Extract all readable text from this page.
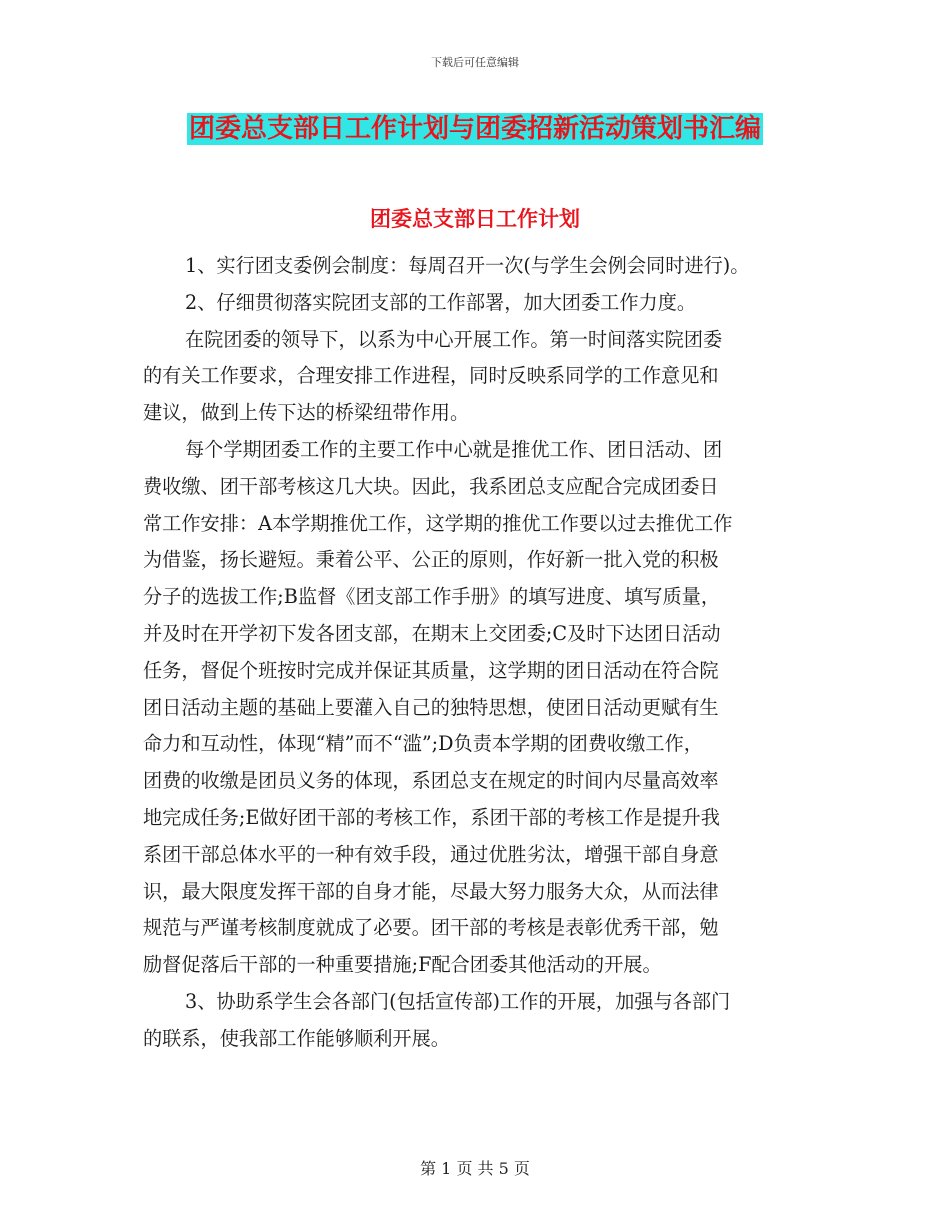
下载后可任意编辑
团委总支部日工作计划与团委招新活动策划书汇编
团委总支部日工作计划
1、实行团支委例会制度：每周召开一次(与学生会例会同时进行)。
2、仔细贯彻落实院团支部的工作部署，加大团委工作力度。
在院团委的领导下，以系为中心开展工作。第一时间落实院团委
的有关工作要求，合理安排工作进程，同时反映系同学的工作意见和
建议，做到上传下达的桥梁纽带作用。
每个学期团委工作的主要工作中心就是推优工作、团日活动、团
费收缴、团干部考核这几大块。因此，我系团总支应配合完成团委日
常工作安排：A本学期推优工作，这学期的推优工作要以过去推优工作
为借鉴，扬长避短。秉着公平、公正的原则，作好新一批入党的积极
分子的选拔工作;B监督《团支部工作手册》的填写进度、填写质量，
并及时在开学初下发各团支部，在期末上交团委;C及时下达团日活动
任务，督促个班按时完成并保证其质量，这学期的团日活动在符合院
团日活动主题的基础上要灌入自己的独特思想，使团日活动更赋有生
命力和互动性，体现“精”而不“滥”;D负责本学期的团费收缴工作，
团费的收缴是团员义务的体现，系团总支在规定的时间内尽量高效率
地完成任务;E做好团干部的考核工作，系团干部的考核工作是提升我
系团干部总体水平的一种有效手段，通过优胜劣汰，增强干部自身意
识，最大限度发挥干部的自身才能，尽最大努力服务大众，从而法律
规范与严谨考核制度就成了必要。团干部的考核是表彰优秀干部，勉
励督促落后干部的一种重要措施;F配合团委其他活动的开展。
3、协助系学生会各部门(包括宣传部)工作的开展，加强与各部门
的联系，使我部工作能够顺利开展。
第 1 页 共 5 页
